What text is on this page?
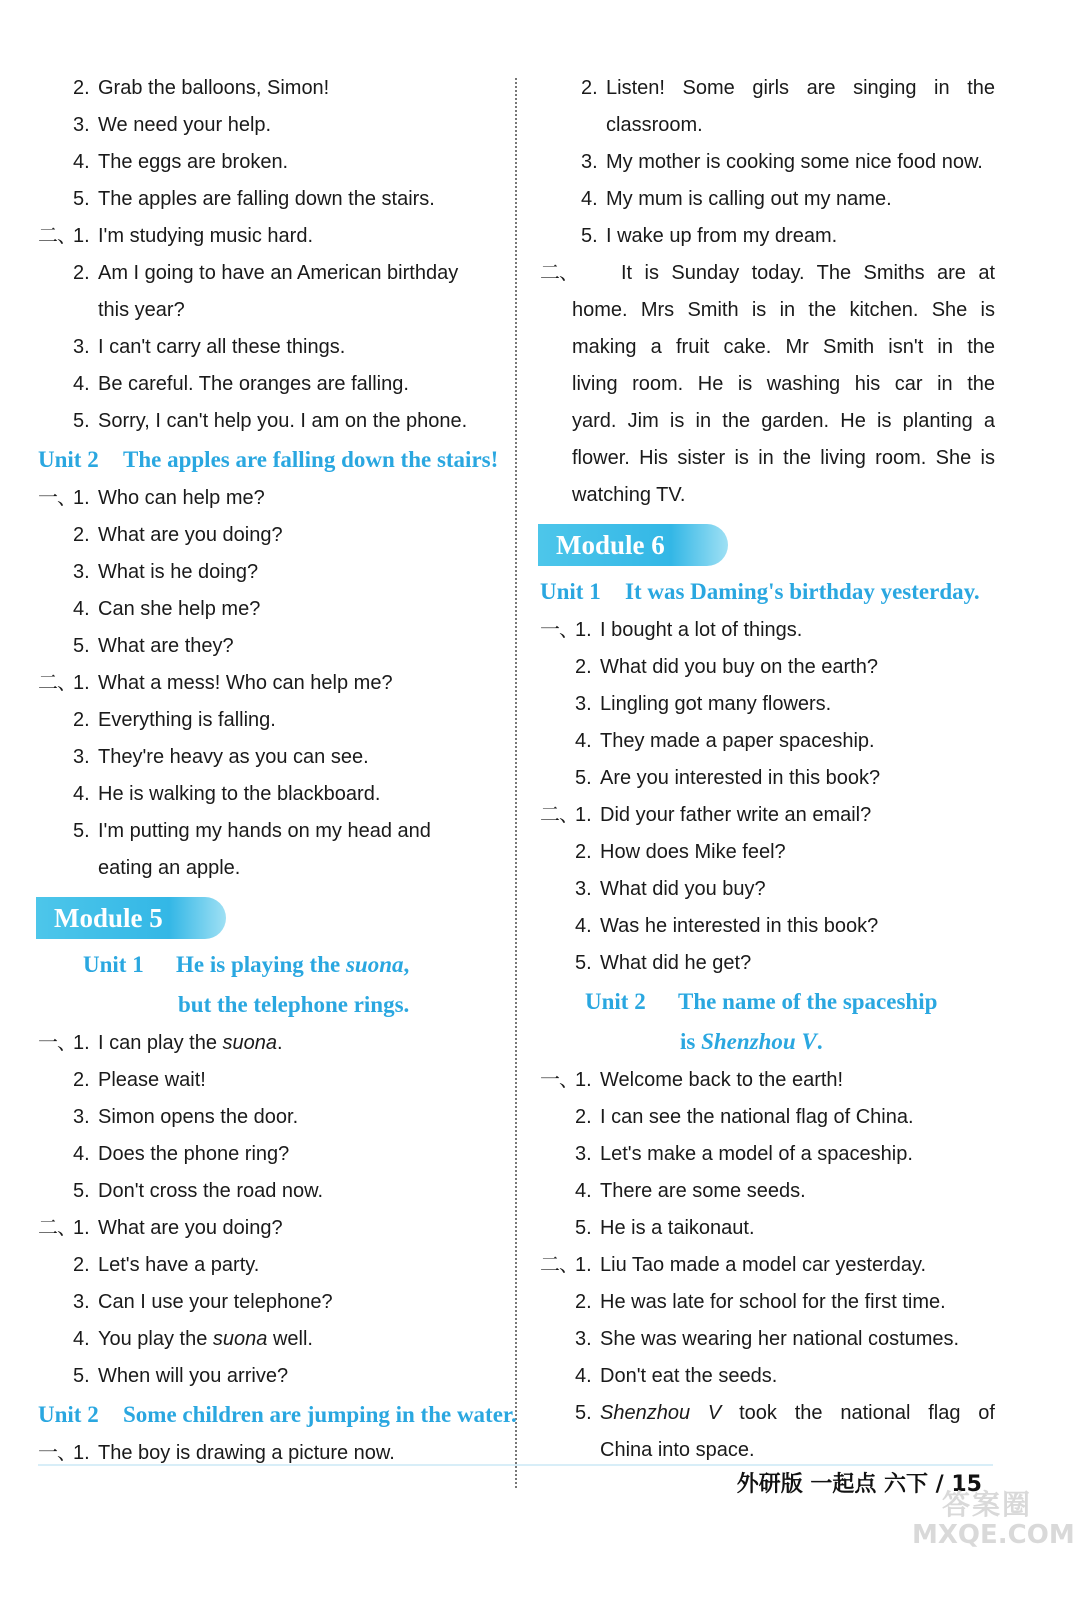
2. Grab the balloons, Simon!
3. We need your help.
4. The eggs are broken.
5. The apples are falling down the stairs.
二、
1. I'm studying music hard.
2. Am I going to have an American birthday
this year?
3. I can't carry all these things.
4. Be careful. The oranges are falling.
5. Sorry, I can't help you. I am on the phone.
Unit 2 The apples are falling down the stairs!
一、
1. Who can help me?
2. What are you doing?
3. What is he doing?
4. Can she help me?
5. What are they?
二、
1. What a mess! Who can help me?
2. Everything is falling.
3. They're heavy as you can see.
4. He is walking to the blackboard.
5. I'm putting my hands on my head and
eating an apple.
Module 5
Unit 1 He is playing the suona,
but the telephone rings.
一、
1. I can play the suona.
2. Please wait!
3. Simon opens the door.
4. Does the phone ring?
5. Don't cross the road now.
二、
1. What are you doing?
2. Let's have a party.
3. Can I use your telephone?
4. You play the suona well.
5. When will you arrive?
Unit 2 Some children are jumping in the water.
一、
1. The boy is drawing a picture now.
2. Listen! Some girls are singing in the
classroom.
3. My mother is cooking some nice food now.
4. My mum is calling out my name.
5. I wake up from my dream.
二、	It is Sunday today. The Smiths are at
home. Mrs Smith is in the kitchen. She is
making a fruit cake. Mr Smith isn't in the
living room. He is washing his car in the
yard. Jim is in the garden. He is planting a
flower. His sister is in the living room. She is
watching TV.
Module 6
Unit 1 It was Daming's birthday yesterday.
一、
1. I bought a lot of things.
2. What did you buy on the earth?
3. Lingling got many flowers.
4. They made a paper spaceship.
5. Are you interested in this book?
二、
1. Did your father write an email?
2. How does Mike feel?
3. What did you buy?
4. Was he interested in this book?
5. What did he get?
Unit 2 The name of the spaceship
is Shenzhou V.
一、
1. Welcome back to the earth!
2. I can see the national flag of China.
3. Let's make a model of a spaceship.
4. There are some seeds.
5. He is a taikonaut.
二、
1. Liu Tao made a model car yesterday.
2. He was late for school for the first time.
3. She was wearing her national costumes.
4. Don't eat the seeds.
5. Shenzhou V took the national flag of
China into space.
外研版 一起点 六下 / 15
答案圈
MXQE.COM
